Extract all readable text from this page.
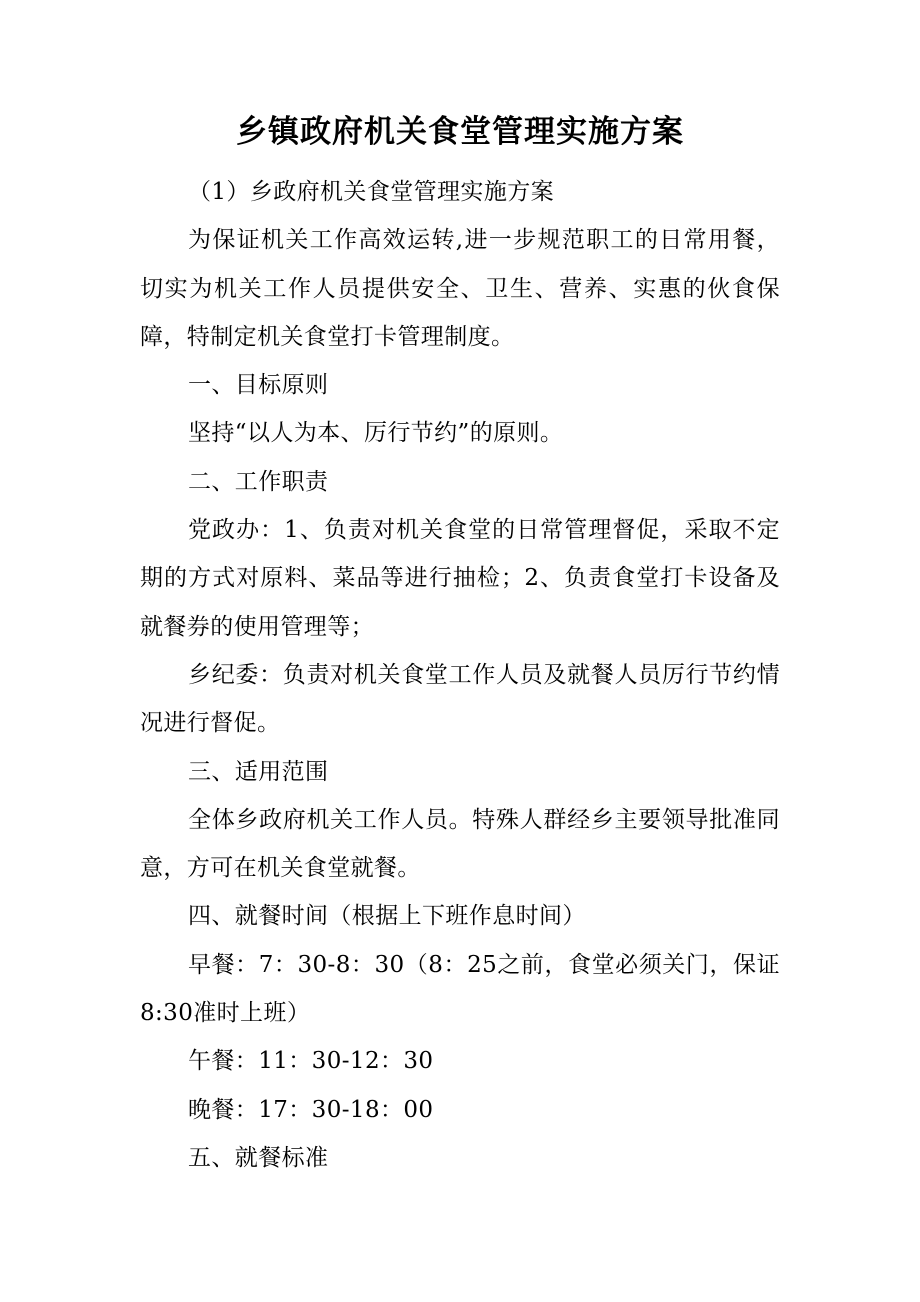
乡镇政府机关食堂管理实施方案

（1）乡政府机关食堂管理实施方案

为保证机关工作高效运转,进一步规范职工的日常用餐，切实为机关工作人员提供安全、卫生、营养、实惠的伙食保障，特制定机关食堂打卡管理制度。

一、目标原则

坚持“以人为本、厉行节约”的原则。

二、工作职责

党政办：1、负责对机关食堂的日常管理督促，采取不定期的方式对原料、菜品等进行抽检；2、负责食堂打卡设备及就餐券的使用管理等；

乡纪委：负责对机关食堂工作人员及就餐人员厉行节约情况进行督促。

三、适用范围

全体乡政府机关工作人员。特殊人群经乡主要领导批准同意，方可在机关食堂就餐。

四、就餐时间（根据上下班作息时间）

早餐：7：30-8：30（8：25之前，食堂必须关门，保证8:30准时上班）

午餐：11：30-12：30

晚餐：17：30-18：00

五、就餐标准
